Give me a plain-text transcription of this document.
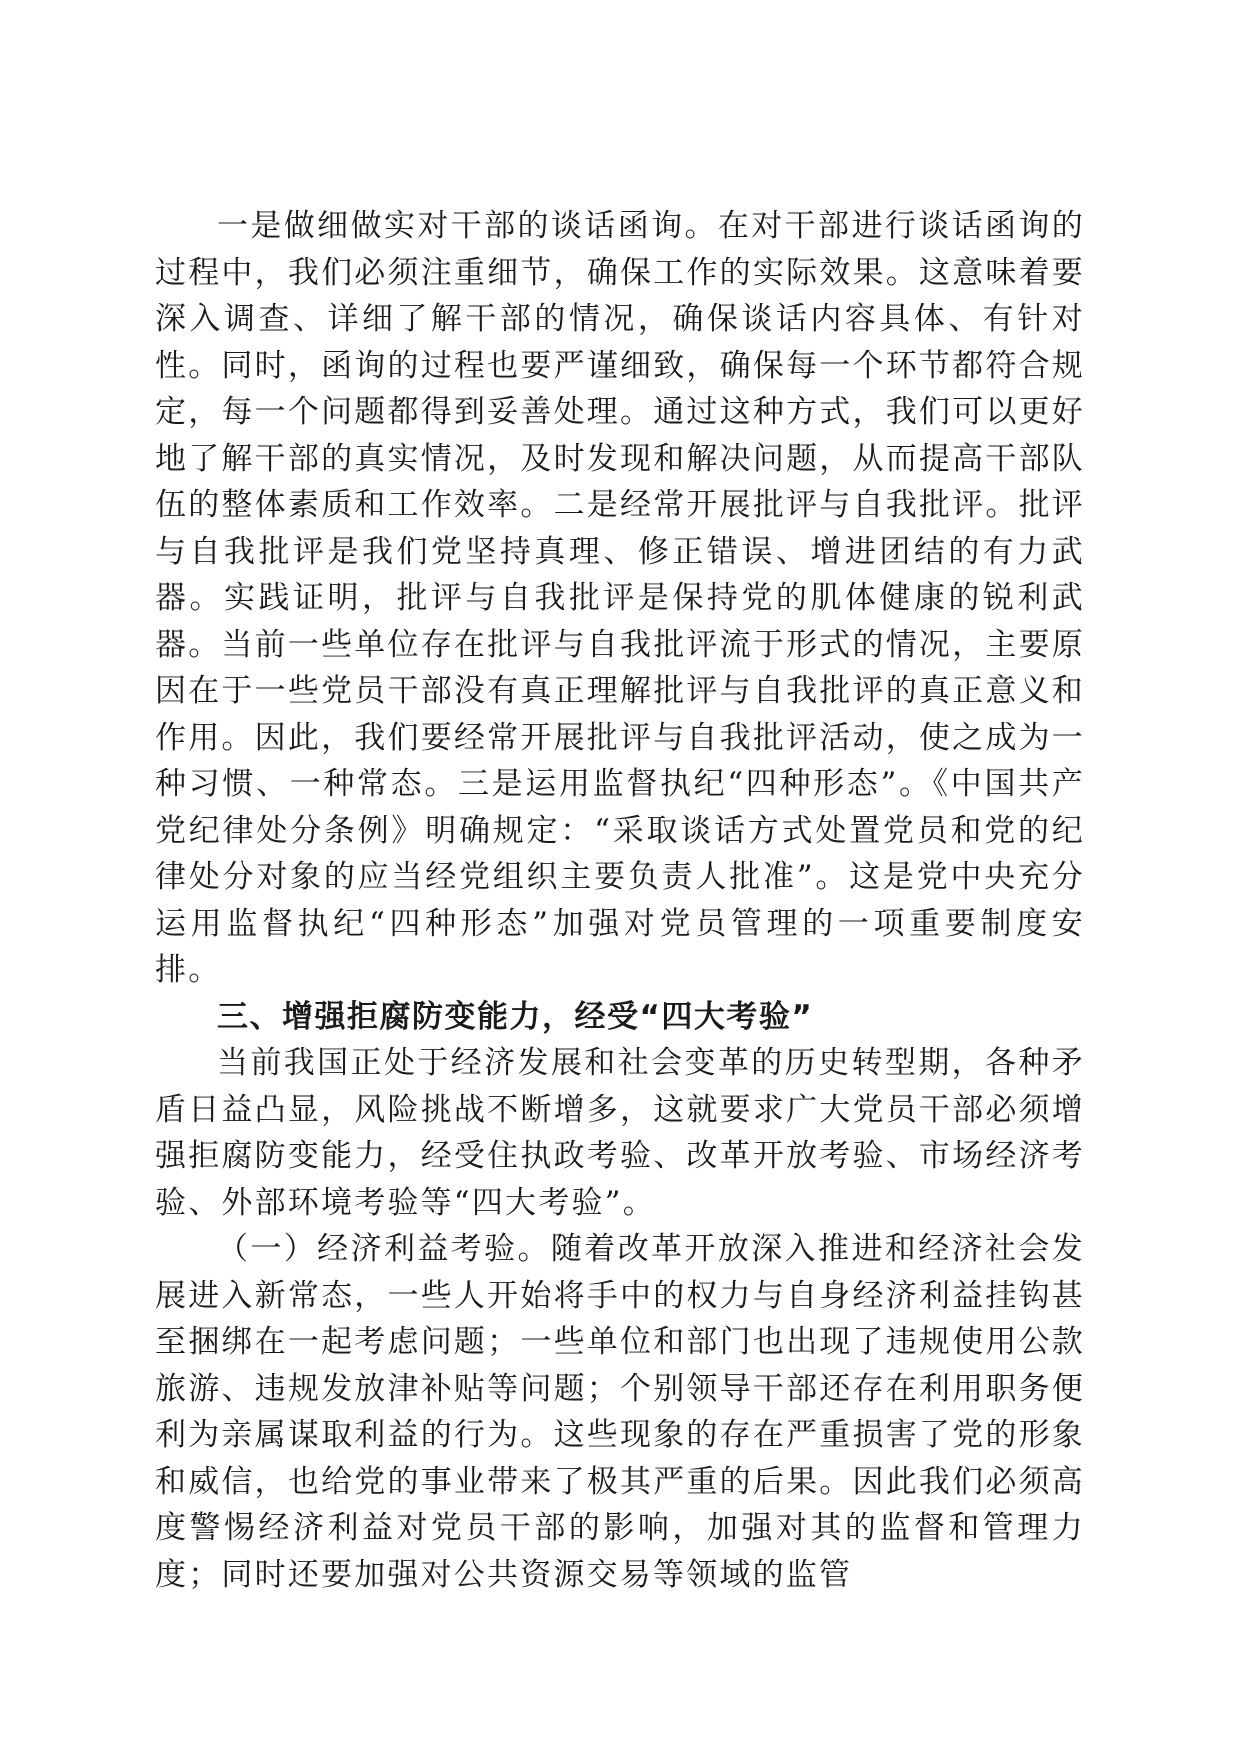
一是做细做实对干部的谈话函询。在对干部进行谈话函询的过程中，我们必须注重细节，确保工作的实际效果。这意味着要深入调查、详细了解干部的情况，确保谈话内容具体、有针对性。同时，函询的过程也要严谨细致，确保每一个环节都符合规定，每一个问题都得到妥善处理。通过这种方式，我们可以更好地了解干部的真实情况，及时发现和解决问题，从而提高干部队伍的整体素质和工作效率。二是经常开展批评与自我批评。批评与自我批评是我们党坚持真理、修正错误、增进团结的有力武器。实践证明，批评与自我批评是保持党的肌体健康的锐利武器。当前一些单位存在批评与自我批评流于形式的情况，主要原因在于一些党员干部没有真正理解批评与自我批评的真正意义和作用。因此，我们要经常开展批评与自我批评活动，使之成为一种习惯、一种常态。三是运用监督执纪“四种形态”。《中国共产党纪律处分条例》明确规定：“采取谈话方式处置党员和党的纪律处分对象的应当经党组织主要负责人批准”。这是党中央充分运用监督执纪“四种形态”加强对党员管理的一项重要制度安排。

三、增强拒腐防变能力，经受“四大考验”

当前我国正处于经济发展和社会变革的历史转型期，各种矛盾日益凸显，风险挑战不断增多，这就要求广大党员干部必须增强拒腐防变能力，经受住执政考验、改革开放考验、市场经济考验、外部环境考验等“四大考验”。

（一）经济利益考验。随着改革开放深入推进和经济社会发展进入新常态，一些人开始将手中的权力与自身经济利益挂钩甚至捆绑在一起考虑问题；一些单位和部门也出现了违规使用公款旅游、违规发放津补贴等问题；个别领导干部还存在利用职务便利为亲属谋取利益的行为。这些现象的存在严重损害了党的形象和威信，也给党的事业带来了极其严重的后果。因此我们必须高度警惕经济利益对党员干部的影响，加强对其的监督和管理力度；同时还要加强对公共资源交易等领域的监管
